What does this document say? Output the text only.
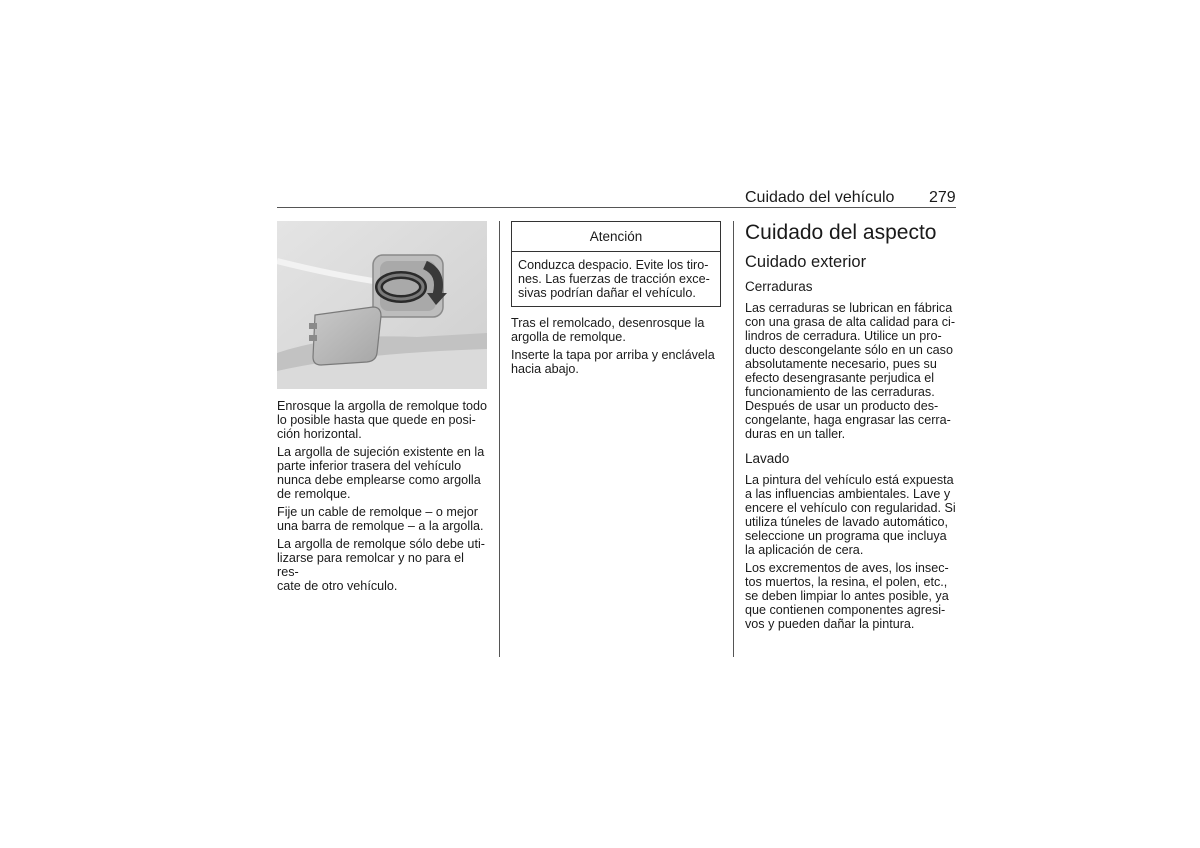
Cuidado del vehículo 279

Enrosque la argolla de remolque todo
lo posible hasta que quede en posi-
ción horizontal.

La argolla de sujeción existente en la
parte inferior trasera del vehículo
nunca debe emplearse como argolla
de remolque.

Fije un cable de remolque – o mejor
una barra de remolque – a la argolla.

La argolla de remolque sólo debe uti-
lizarse para remolcar y no para el res-
cate de otro vehículo.

Atención
Conduzca despacio. Evite los tiro-
nes. Las fuerzas de tracción exce-
sivas podrían dañar el vehículo.

Tras el remolcado, desenrosque la
argolla de remolque.

Inserte la tapa por arriba y enclávela
hacia abajo.

Cuidado del aspecto
Cuidado exterior
Cerraduras

Las cerraduras se lubrican en fábrica
con una grasa de alta calidad para ci-
lindros de cerradura. Utilice un pro-
ducto descongelante sólo en un caso
absolutamente necesario, pues su
efecto desengrasante perjudica el
funcionamiento de las cerraduras.
Después de usar un producto des-
congelante, haga engrasar las cerra-
duras en un taller.

Lavado

La pintura del vehículo está expuesta
a las influencias ambientales. Lave y
encere el vehículo con regularidad. Si
utiliza túneles de lavado automático,
seleccione un programa que incluya
la aplicación de cera.

Los excrementos de aves, los insec-
tos muertos, la resina, el polen, etc.,
se deben limpiar lo antes posible, ya
que contienen componentes agresi-
vos y pueden dañar la pintura.
